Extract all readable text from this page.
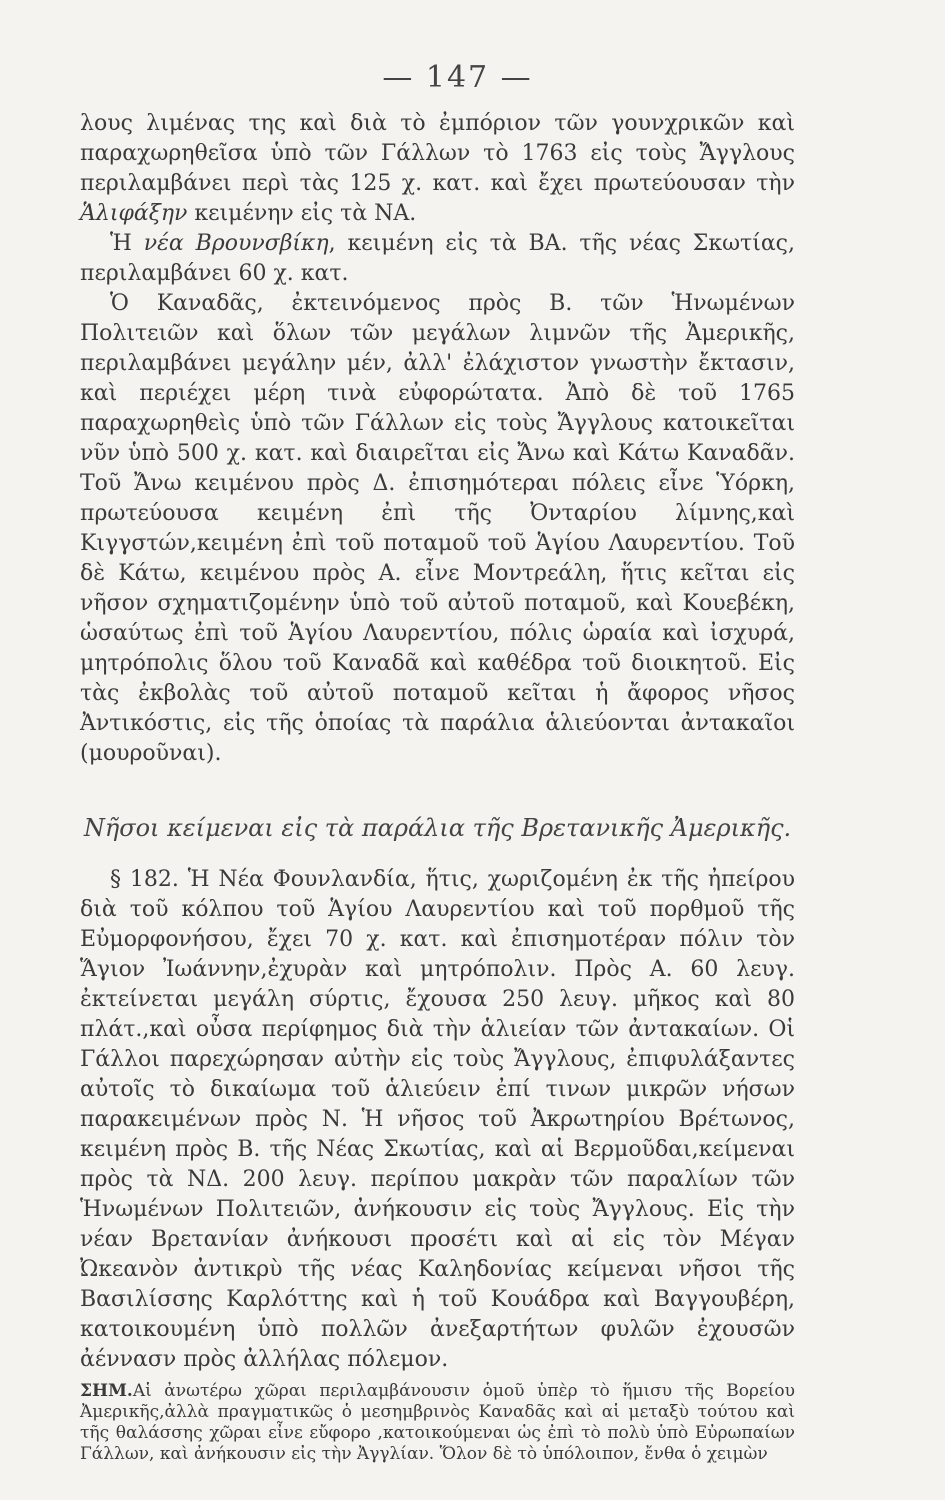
— 147 —

λους λιμένας της καὶ διὰ τὸ ἐμπόριον τῶν γουνχρικῶν καὶ παραχωρηθεῖσα ὑπὸ τῶν Γάλλων τὸ 1763 εἰς τοὺς Ἄγγλους περιλαμβάνει περὶ τὰς 125 χ. κατ. καὶ ἔχει πρωτεύουσαν τὴν Ἁλιφάξην κειμένην εἰς τὰ ΝΑ.

Ἡ νέα Βρουνσβίκη, κειμένη εἰς τὰ ΒΑ. τῆς νέας Σκωτίας, περιλαμβάνει 60 χ. κατ.

Ὁ Καναδᾶς, ἐκτεινόμενος πρὸς Β. τῶν Ἡνωμένων Πολιτειῶν καὶ ὅλων τῶν μεγάλων λιμνῶν τῆς Ἀμερικῆς, περιλαμβάνει μεγάλην μέν, ἀλλ' ἐλάχιστον γνωστὴν ἔκτασιν, καὶ περιέχει μέρη τινὰ εὐφορώτατα. Ἀπὸ δὲ τοῦ 1765 παραχωρηθεὶς ὑπὸ τῶν Γάλλων εἰς τοὺς Ἄγγλους κατοικεῖται νῦν ὑπὸ 500 χ. κατ. καὶ διαιρεῖται εἰς Ἄνω καὶ Κάτω Καναδᾶν. Τοῦ Ἄνω κειμένου πρὸς Δ. ἐπισημότεραι πόλεις εἶνε Ὑόρκη, πρωτεύουσα κειμένη ἐπὶ τῆς Ὀνταρίου λίμνης,καὶ Κιγγστών,κειμένη ἐπὶ τοῦ ποταμοῦ τοῦ Ἁγίου Λαυρεντίου. Τοῦ δὲ Κάτω, κειμένου πρὸς Α. εἶνε Μοντρεάλη, ἥτις κεῖται εἰς νῆσον σχηματιζομένην ὑπὸ τοῦ αὐτοῦ ποταμοῦ, καὶ Κουεβέκη, ὡσαύτως ἐπὶ τοῦ Ἁγίου Λαυρεντίου, πόλις ὡραία καὶ ἰσχυρά, μητρόπολις ὅλου τοῦ Καναδᾶ καὶ καθέδρα τοῦ διοικητοῦ. Εἰς τὰς ἐκβολὰς τοῦ αὐτοῦ ποταμοῦ κεῖται ἡ ἄφορος νῆσος Ἀντικόστις, εἰς τῆς ὁποίας τὰ παράλια ἁλιεύονται ἀντακαῖοι (μουροῦναι).

Νῆσοι κείμεναι εἰς τὰ παράλια τῆς Βρετανικῆς Ἀμερικῆς.

§ 182. Ἡ Νέα Φουνλανδία, ἥτις, χωριζομένη ἐκ τῆς ἠπείρου διὰ τοῦ κόλπου τοῦ Ἁγίου Λαυρεντίου καὶ τοῦ πορθμοῦ τῆς Εὐμορφονήσου, ἔχει 70 χ. κατ. καὶ ἐπισημοτέραν πόλιν τὸν Ἅγιον Ἰωάννην,ἐχυρὰν καὶ μητρόπολιν. Πρὸς Α. 60 λευγ. ἐκτείνεται μεγάλη σύρτις, ἔχουσα 250 λευγ. μῆκος καὶ 80 πλάτ.,καὶ οὖσα περίφημος διὰ τὴν ἁλιείαν τῶν ἀντακαίων. Οἱ Γάλλοι παρεχώρησαν αὐτὴν εἰς τοὺς Ἄγγλους, ἐπιφυλάξαντες αὐτοῖς τὸ δικαίωμα τοῦ ἁλιεύειν ἐπί τινων μικρῶν νήσων παρακειμένων πρὸς Ν. Ἡ νῆσος τοῦ Ἀκρωτηρίου Βρέτωνος, κειμένη πρὸς Β. τῆς Νέας Σκωτίας, καὶ αἱ Βερμοῦδαι,κείμεναι πρὸς τὰ ΝΔ. 200 λευγ. περίπου μακρὰν τῶν παραλίων τῶν Ἡνωμένων Πολιτειῶν, ἀνήκουσιν εἰς τοὺς Ἄγγλους. Εἰς τὴν νέαν Βρετανίαν ἀνήκουσι προσέτι καὶ αἱ εἰς τὸν Μέγαν Ὠκεανὸν ἀντικρὺ τῆς νέας Καληδονίας κείμεναι νῆσοι τῆς Βασιλίσσης Καρλόττης καὶ ἡ τοῦ Κουάδρα καὶ Βαγγουβέρη, κατοικουμένη ὑπὸ πολλῶν ἀνεξαρτήτων φυλῶν ἐχουσῶν ἀέννασν πρὸς ἀλλήλας πόλεμον.

ΣΗΜ.Αἱ ἀνωτέρω χῶραι περιλαμβάνουσιν ὁμοῦ ὑπὲρ τὸ ἥμισυ τῆς Βορείου Ἀμερικῆς,ἀλλὰ πραγματικῶς ὁ μεσημβρινὸς Καναδᾶς καὶ αἱ μεταξὺ τούτου καὶ τῆς θαλάσσης χῶραι εἶνε εὔφορο ,κατοικούμεναι ὡς ἐπὶ τὸ πολὺ ὑπὸ Εὐρωπαίων Γάλλων, καὶ ἀνήκουσιν εἰς τὴν Ἀγγλίαν. Ὅλον δὲ τὸ ὑπόλοιπον, ἔνθα ὁ χειμὼν
